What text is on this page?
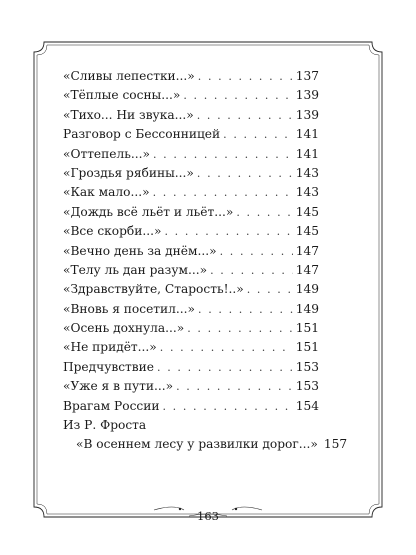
«Сливы лепестки...» . . .	137
«Тёплые сосны...» . . .	139
«Тихо... Ни звука...» . . .	139
Разговор с Бессонницей . . .	141
«Оттепель...» . . .	141
«Гроздья рябины...» . . .	143
«Как мало...» . . .	143
«Дождь всё льёт и льёт...» . . .	145
«Все скорби...» . . .	145
«Вечно день за днём...» . . .	147
«Телу ль дан разум...» . . .	147
«Здравствуйте, Старость!..» . . .	149
«Вновь я посетил...» . . .	149
«Осень дохнула...» . . .	151
«Не придёт...» . . .	151
Предчувствие . . .	153
«Уже я в пути...» . . .	153
Врагам России . . .	154
Из Р. Фроста
«В осеннем лесу у развилки дорог...» 157
163
